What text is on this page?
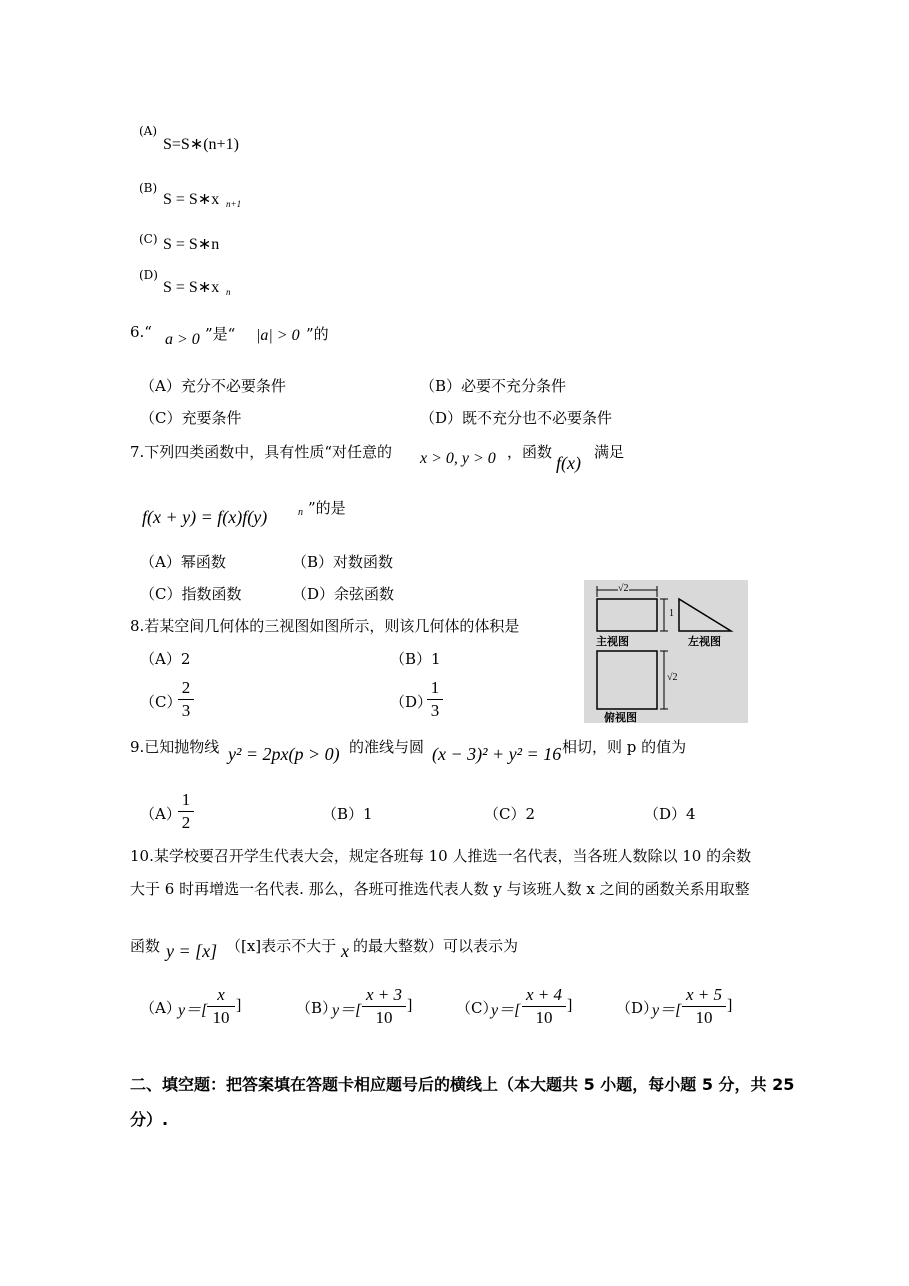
(A)
S=S∗(n+1)
(B)
S = S∗x n+1
(C) S = S∗n
(D)
S = S∗x n
6.“ a > 0 ”是“ |a| > 0 ”的
（A）充分不必要条件	（B）必要不充分条件
（C）充要条件	（D）既不充分也不必要条件
7.下列四类函数中，具有性质“对任意的 x > 0, y > 0 ，函数
f(x)
满足
f(x + y) = f(x)f(y)	n ”的是
（A）幂函数	（B）对数函数
（C）指数函数	（D）余弦函数
8.若某空间几何体的三视图如图所示，则该几何体的体积是
（A）2	（B）1
（C）
2
3	（D）
1
3
√2
1
√2
主视图	左视图
俯视图
9.已知抛物线 y² = 2px(p > 0) 的准线与圆 (x − 3)² + y² = 16 相切，则 p 的值为
（A）
1
2	（B）1	（C）2	（D）4
10.某学校要召开学生代表大会，规定各班每 10 人推选一名代表，当各班人数除以 10 的余数
大于 6 时再增选一名代表. 那么，各班可推选代表人数 y 与该班人数 x 之间的函数关系用取整
函数 y = [x] （[x]表示不大于 x 的最大整数）可以表示为
（A）
y＝[
x
10
]	（B）
y＝[
x + 3
10
]	（C）
y＝[
x + 4
10
]	（D）
y＝[
x + 5
10
]
二、填空题：把答案填在答题卡相应题号后的横线上（本大题共 5 小题，每小题 5 分，共 25
分）.
